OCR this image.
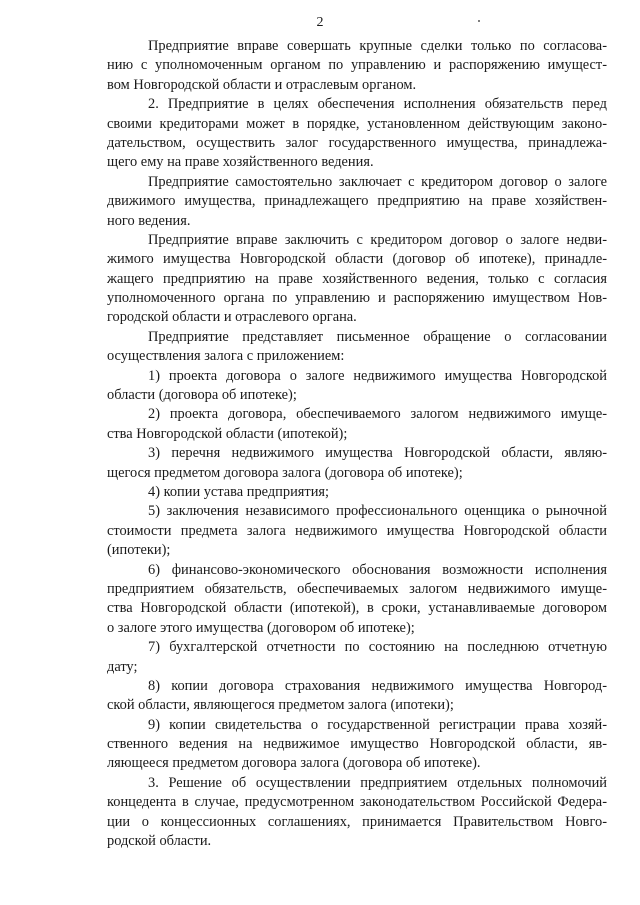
2
Предприятие вправе совершать крупные сделки только по согласова-
нию с уполномоченным органом по управлению и распоряжению имущест-
вом Новгородской области и отраслевым органом.
2. Предприятие в целях обеспечения исполнения обязательств перед
своими кредиторами может в порядке, установленном действующим законо-
дательством, осуществить залог государственного имущества, принадлежа-
щего ему на праве хозяйственного ведения.
Предприятие самостоятельно заключает с кредитором договор о залоге
движимого имущества, принадлежащего предприятию на праве хозяйствен-
ного ведения.
Предприятие вправе заключить с кредитором договор о залоге недви-
жимого имущества Новгородской области (договор об ипотеке), принадле-
жащего предприятию на праве хозяйственного ведения, только с согласия
уполномоченного органа по управлению и распоряжению имуществом Нов-
городской области и отраслевого органа.
Предприятие представляет письменное обращение о согласовании
осуществления залога с приложением:
1) проекта договора о залоге недвижимого имущества Новгородской
области (договора об ипотеке);
2) проекта договора, обеспечиваемого залогом недвижимого имуще-
ства Новгородской области (ипотекой);
3) перечня недвижимого имущества Новгородской области, являю-
щегося предметом договора залога (договора об ипотеке);
4) копии устава предприятия;
5) заключения независимого профессионального оценщика о рыночной
стоимости предмета залога недвижимого имущества Новгородской области
(ипотеки);
6) финансово-экономического обоснования возможности исполнения
предприятием обязательств, обеспечиваемых залогом недвижимого имуще-
ства Новгородской области (ипотекой), в сроки, устанавливаемые договором
о залоге этого имущества (договором об ипотеке);
7) бухгалтерской отчетности по состоянию на последнюю отчетную
дату;
8) копии договора страхования недвижимого имущества Новгород-
ской области, являющегося предметом залога (ипотеки);
9) копии свидетельства о государственной регистрации права хозяй-
ственного ведения на недвижимое имущество Новгородской области, яв-
ляющееся предметом договора залога (договора об ипотеке).
3. Решение об осуществлении предприятием отдельных полномочий
концедента в случае, предусмотренном законодательством Российской Федера-
ции о концессионных соглашениях, принимается Правительством Новго-
родской области.
